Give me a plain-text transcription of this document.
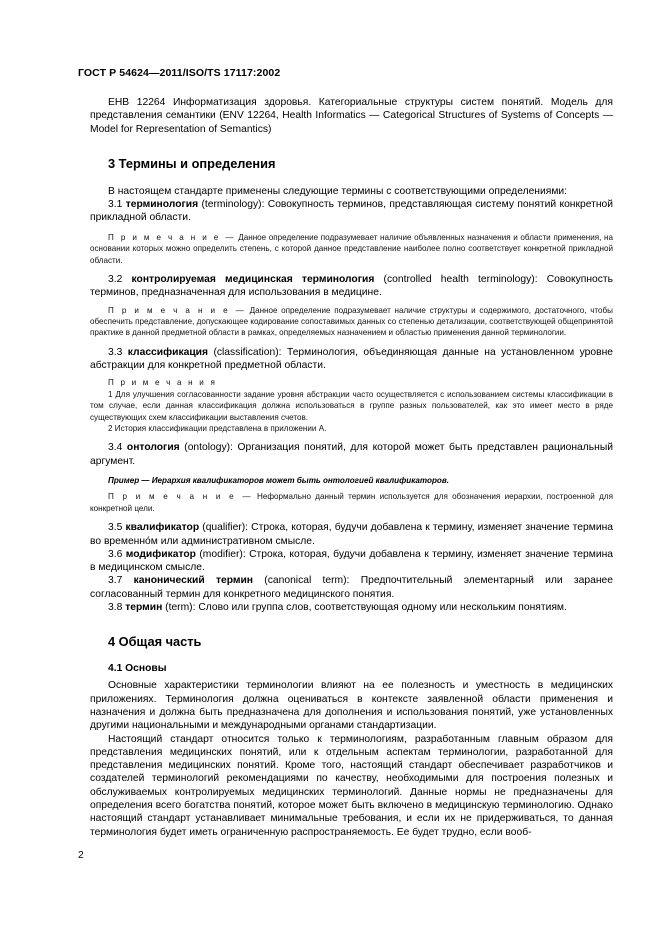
ГОСТ Р 54624—2011/ISO/TS 17117:2002

ЕНВ 12264 Информатизация здоровья. Категориальные структуры систем понятий. Модель для представления семантики (ENV 12264, Health Informatics — Categorical Structures of Systems of Concepts — Model for Representation of Semantics)

3 Термины и определения

В настоящем стандарте применены следующие термины с соответствующими определениями:

3.1 терминология (terminology): Совокупность терминов, представляющая систему понятий конкретной прикладной области.

П р и м е ч а н и е — Данное определение подразумевает наличие объявленных назначения и области применения, на основании которых можно определить степень, с которой данное представление наиболее полно соответствует конкретной прикладной области.

3.2 контролируемая медицинская терминология (controlled health terminology): Совокупность терминов, предназначенная для использования в медицине.

П р и м е ч а н и е — Данное определение подразумевает наличие структуры и содержимого, достаточного, чтобы обеспечить представление, допускающее кодирование сопоставимых данных со степенью детализации, соответствующей общепринятой практике в данной предметной области в рамках, определяемых назначением и областью применения данной терминологии.

3.3 классификация (classification): Терминология, объединяющая данные на установленном уровне абстракции для конкретной предметной области.

П р и м е ч а н и я

1 Для улучшения согласованности задание уровня абстракции часто осуществляется с использованием системы классификации в том случае, если данная классификация должна использоваться в группе разных пользователей, как это имеет место в ряде существующих схем классификации выставления счетов.

2 История классификации представлена в приложении А.

3.4 онтология (ontology): Организация понятий, для которой может быть представлен рациональный аргумент.

Пример — Иерархия квалификаторов может быть онтологией квалификаторов.

П р и м е ч а н и е — Неформально данный термин используется для обозначения иерархии, построенной для конкретной цели.

3.5 квалификатор (qualifier): Строка, которая, будучи добавлена к термину, изменяет значение термина во временно́м или административном смысле.

3.6 модификатор (modifier): Строка, которая, будучи добавлена к термину, изменяет значение термина в медицинском смысле.

3.7 канонический термин (canonical term): Предпочтительный элементарный или заранее согласованный термин для конкретного медицинского понятия.

3.8 термин (term): Слово или группа слов, соответствующая одному или нескольким понятиям.

4 Общая часть

4.1 Основы

Основные характеристики терминологии влияют на ее полезность и уместность в медицинских приложениях. Терминология должна оцениваться в контексте заявленной области применения и назначения и должна быть предназначена для дополнения и использования понятий, уже установленных другими национальными и международными органами стандартизации.

Настоящий стандарт относится только к терминологиям, разработанным главным образом для представления медицинских понятий, или к отдельным аспектам терминологии, разработанной для представления медицинских понятий. Кроме того, настоящий стандарт обеспечивает разработчиков и создателей терминологий рекомендациями по качеству, необходимыми для построения полезных и обслуживаемых контролируемых медицинских терминологий. Данные нормы не предназначены для определения всего богатства понятий, которое может быть включено в медицинскую терминологию. Однако настоящий стандарт устанавливает минимальные требования, и если их не придерживаться, то данная терминология будет иметь ограниченную распространяемость. Ее будет трудно, если вооб-

2
